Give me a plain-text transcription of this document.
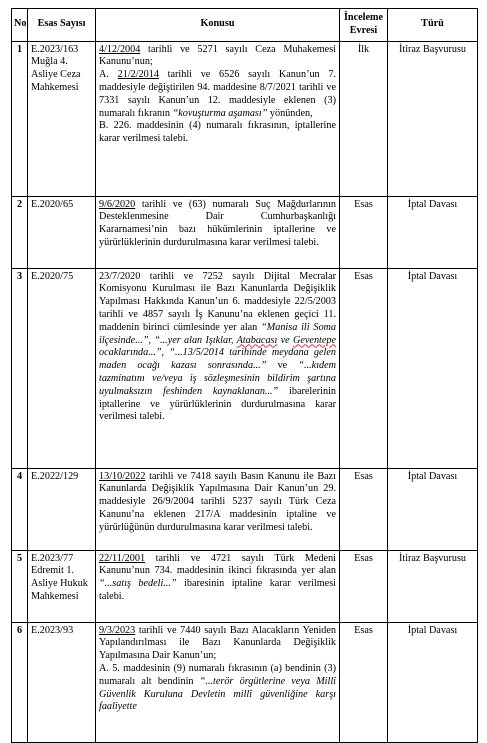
No	Esas Sayısı	Konusu	İnceleme Evresi	Türü
1	E.2023/163 Muğla 4. Asliye Ceza Mahkemesi	4/12/2004 tarihli ve 5271 sayılı Ceza Muhakemesi Kanunu’nun;
A. 21/2/2014 tarihli ve 6526 sayılı Kanun’un 7. maddesiyle değiştirilen 94. maddesine 8/7/2021 tarihli ve 7331 sayılı Kanun’un 12. maddesiyle eklenen (3) numaralı fıkranın “kovuşturma aşaması” yönünden,
B. 226. maddesinin (4) numaralı fıkrasının, iptallerine karar verilmesi talebi.	İlk	İtiraz Başvurusu
2	E.2020/65	9/6/2020 tarihli ve (63) numaralı Suç Mağdurlarının Desteklenmesine Dair Cumhurbaşkanlığı Kararnamesi’nin bazı hükümlerinin iptallerine ve yürürlüklerinin durdurulmasına karar verilmesi talebi.	Esas	İptal Davası
3	E.2020/75	23/7/2020 tarihli ve 7252 sayılı Dijital Mecralar Komisyonu Kurulması ile Bazı Kanunlarda Değişiklik Yapılması Hakkında Kanun’un 6. maddesiyle 22/5/2003 tarihli ve 4857 sayılı İş Kanunu’na eklenen geçici 11. maddenin birinci cümlesinde yer alan “Manisa ili Soma ilçesinde...”, “...yer alan Işıklar, Atabacası ve Geventepe ocaklarında...”, “...13/5/2014 tarihinde meydana gelen maden ocağı kazası sonrasında...” ve “...kıdem tazminatını ve/veya iş sözleşmesinin bildirim şartına uyulmaksızın feshinden kaynaklanan...” ibarelerinin iptallerine ve yürürlüklerinin durdurulmasına karar verilmesi talebi.	Esas	İptal Davası
4	E.2022/129	13/10/2022 tarihli ve 7418 sayılı Basın Kanunu ile Bazı Kanunlarda Değişiklik Yapılmasına Dair Kanun’un 29. maddesiyle 26/9/2004 tarihli 5237 sayılı Türk Ceza Kanunu’na eklenen 217/A maddesinin iptaline ve yürürlüğünün durdurulmasına karar verilmesi talebi.	Esas	İptal Davası
5	E.2023/77 Edremit 1. Asliye Hukuk Mahkemesi	22/11/2001 tarihli ve 4721 sayılı Türk Medeni Kanunu’nun 734. maddesinin ikinci fıkrasında yer alan “...satış bedeli...” ibaresinin iptaline karar verilmesi talebi.	Esas	İtiraz Başvurusu
6	E.2023/93	9/3/2023 tarihli ve 7440 sayılı Bazı Alacakların Yeniden Yapılandırılması ile Bazı Kanunlarda Değişiklik Yapılmasına Dair Kanun’un;
A. 5. maddesinin (9) numaralı fıkrasının (a) bendinin (3) numaralı alt bendinin “...terör örgütlerine veya Millî Güvenlik Kuruluna Devletin millî güvenliğine karşı faaliyette	Esas	İptal Davası
